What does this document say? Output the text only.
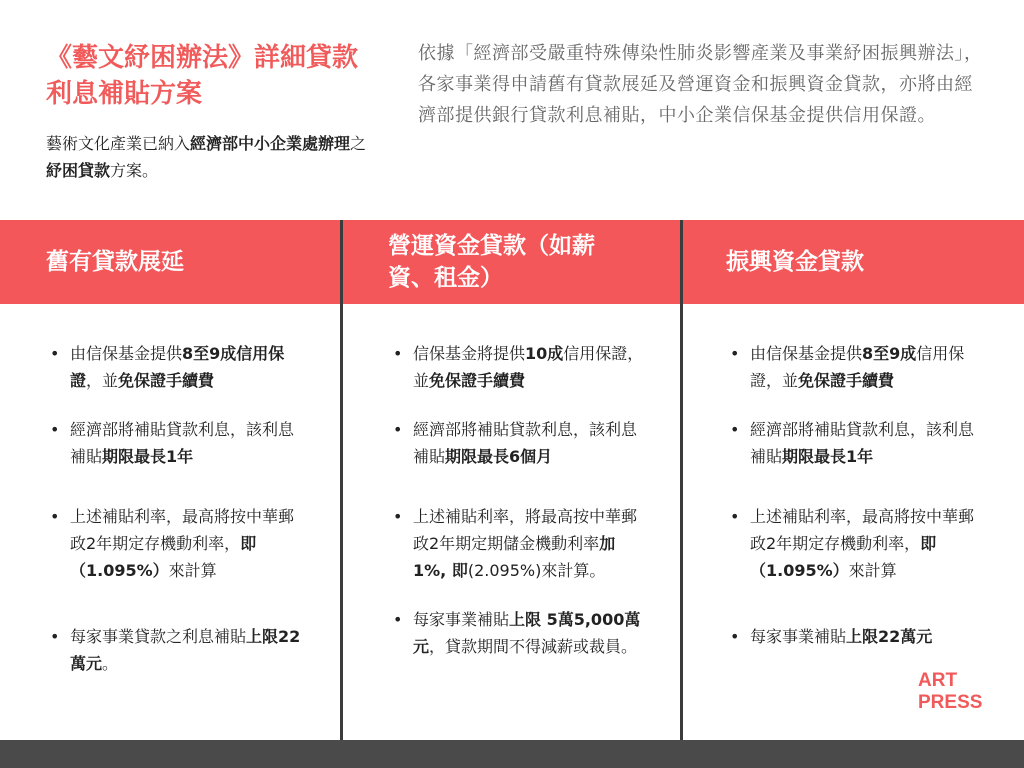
《藝文紓困辦法》詳細貸款利息補貼方案

藝術文化產業已納入經濟部中小企業處辦理之紓困貸款方案。

依據「經濟部受嚴重特殊傳染性肺炎影響產業及事業紓困振興辦法」，各家事業得申請舊有貸款展延及營運資金和振興資金貸款，亦將由經濟部提供銀行貸款利息補貼，中小企業信保基金提供信用保證。

舊有貸款展延
營運資金貸款（如薪資、租金）
振興資金貸款
• 由信保基金提供8至9成信用保證，並免保證手續費
• 經濟部將補貼貸款利息，該利息補貼期限最長1年
• 上述補貼利率，最高將按中華郵政2年期定存機動利率，即（1.095%）來計算
• 每家事業貸款之利息補貼上限22萬元。
• 信保基金將提供10成信用保證，並免保證手續費
• 經濟部將補貼貸款利息，該利息補貼期限最長6個月
• 上述補貼利率，將最高按中華郵政2年期定期儲金機動利率加1%, 即(2.095%)來計算。
• 每家事業補貼上限 5萬5,000萬元，貸款期間不得減薪或裁員。
• 由信保基金提供8至9成信用保證，並免保證手續費
• 經濟部將補貼貸款利息，該利息補貼期限最長1年
• 上述補貼利率，最高將按中華郵政2年期定存機動利率，即（1.095%）來計算
• 每家事業補貼上限22萬元
ART
PRESS
